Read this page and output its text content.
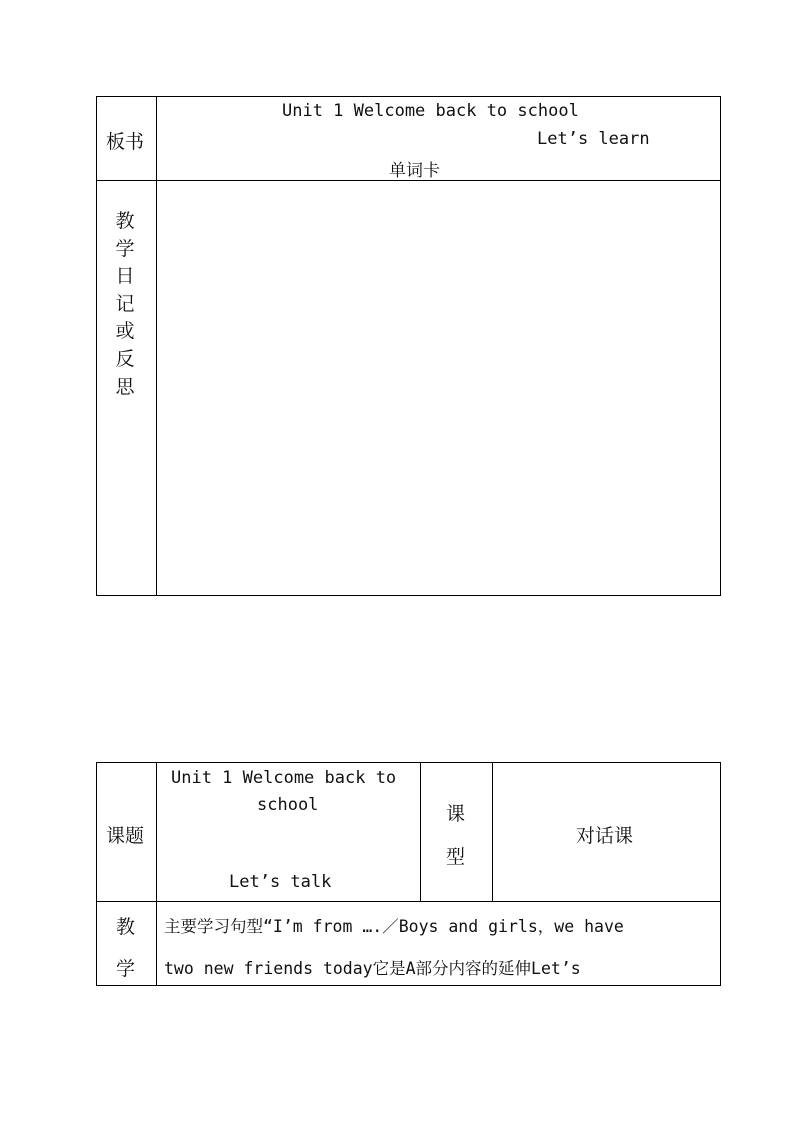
板书
Unit 1 Welcome back to school
Let’s learn
单词卡
教
学
日
记
或
反
思
课题
Unit 1 Welcome back to
school
Let’s talk
课
型
对话课
教
学
主要学习句型“I’m from ….／Boys and girls，we have
two new friends today它是A部分内容的延伸Let’s
